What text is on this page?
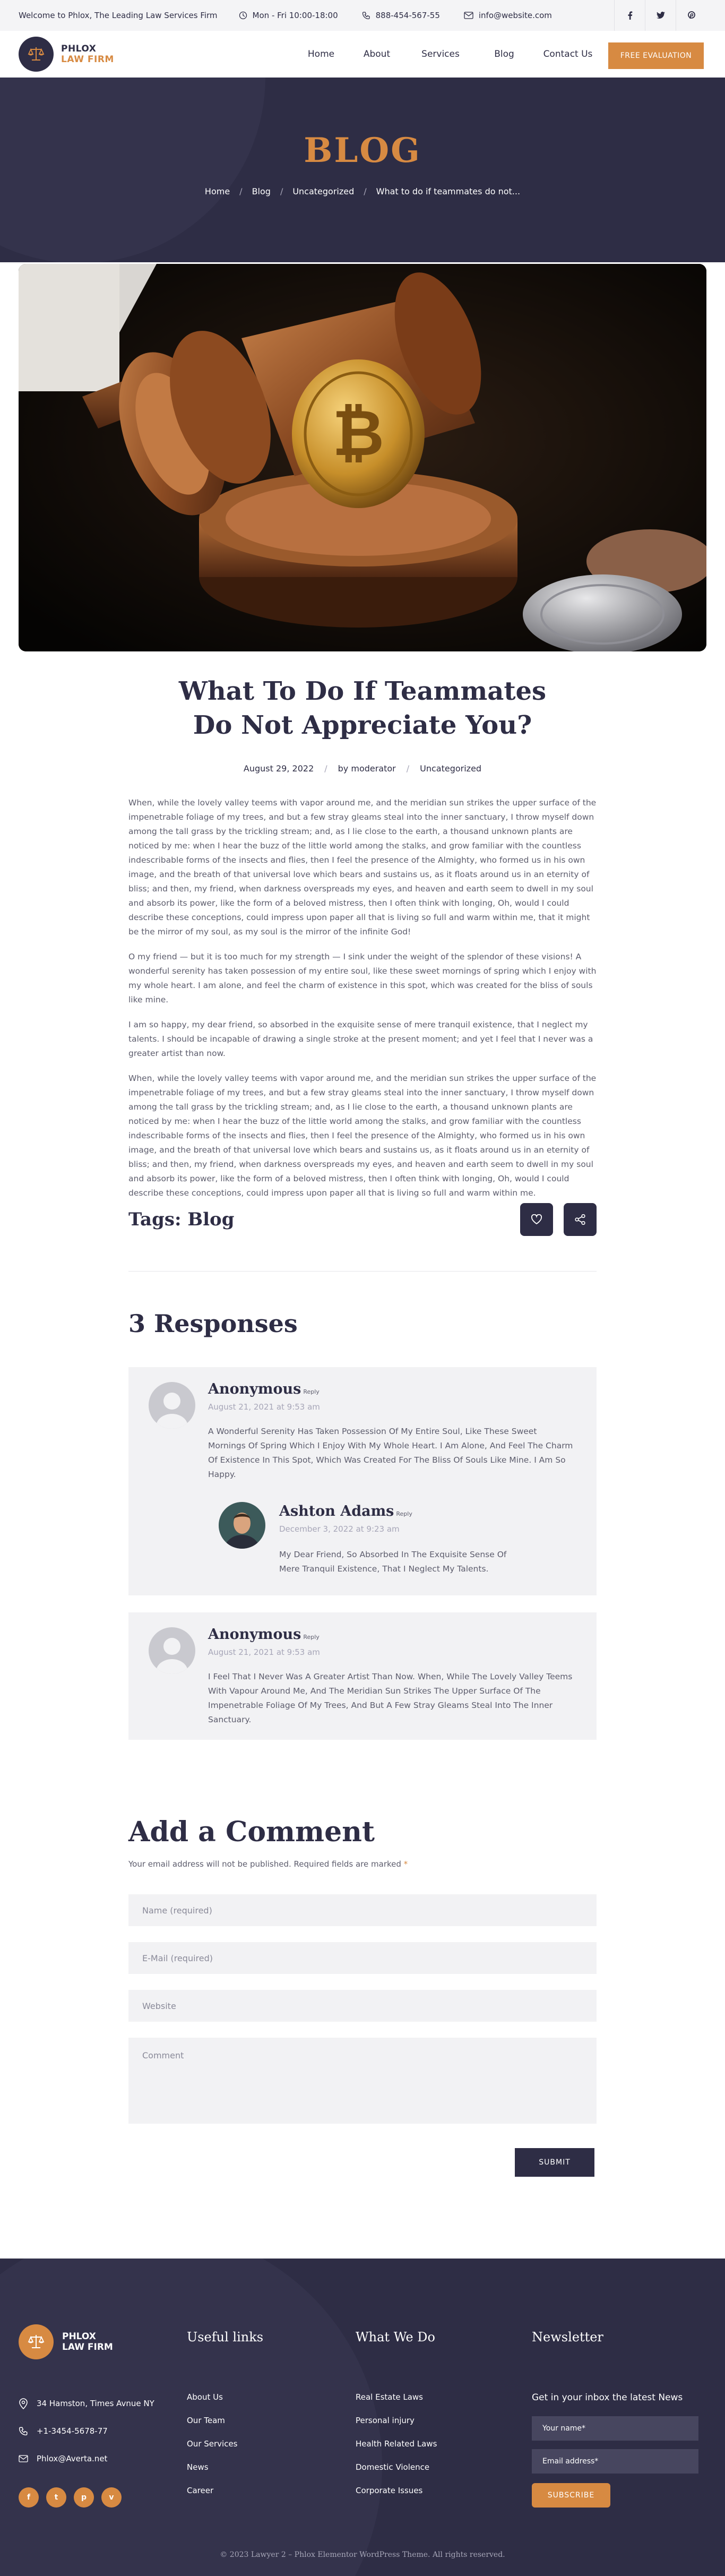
Welcome to Phlox, The Leading Law Services Firm	Mon - Fri 10:00-18:00	888-454-567-55	info@website.com
PHLOX
LAW FIRM	Home	About	Services	Blog	Contact Us	FREE EVALUATION
BLOG
Home / Blog / Uncategorized / What to do if teammates do not...
₿
What To Do If Teammates
Do Not Appreciate You?
August 29, 2022 / by moderator / Uncategorized

When, while the lovely valley teems with vapor around me, and the meridian sun strikes the upper surface of the impenetrable foliage of my trees, and but a few stray gleams steal into the inner sanctuary, I throw myself down among the tall grass by the trickling stream; and, as I lie close to the earth, a thousand unknown plants are noticed by me: when I hear the buzz of the little world among the stalks, and grow familiar with the countless indescribable forms of the insects and flies, then I feel the presence of the Almighty, who formed us in his own image, and the breath of that universal love which bears and sustains us, as it floats around us in an eternity of bliss; and then, my friend, when darkness overspreads my eyes, and heaven and earth seem to dwell in my soul and absorb its power, like the form of a beloved mistress, then I often think with longing, Oh, would I could describe these conceptions, could impress upon paper all that is living so full and warm within me, that it might be the mirror of my soul, as my soul is the mirror of the infinite God!

O my friend — but it is too much for my strength — I sink under the weight of the splendor of these visions! A wonderful serenity has taken possession of my entire soul, like these sweet mornings of spring which I enjoy with my whole heart. I am alone, and feel the charm of existence in this spot, which was created for the bliss of souls like mine.

I am so happy, my dear friend, so absorbed in the exquisite sense of mere tranquil existence, that I neglect my talents. I should be incapable of drawing a single stroke at the present moment; and yet I feel that I never was a greater artist than now.

When, while the lovely valley teems with vapor around me, and the meridian sun strikes the upper surface of the impenetrable foliage of my trees, and but a few stray gleams steal into the inner sanctuary, I throw myself down among the tall grass by the trickling stream; and, as I lie close to the earth, a thousand unknown plants are noticed by me: when I hear the buzz of the little world among the stalks, and grow familiar with the countless indescribable forms of the insects and flies, then I feel the presence of the Almighty, who formed us in his own image, and the breath of that universal love which bears and sustains us, as it floats around us in an eternity of bliss; and then, my friend, when darkness overspreads my eyes, and heaven and earth seem to dwell in my soul and absorb its power, like the form of a beloved mistress, then I often think with longing, Oh, would I could describe these conceptions, could impress upon paper all that is living so full and warm within me.

Tags: Blog
3 Responses
Anonymous Reply
August 21, 2021 at 9:53 am
A Wonderful Serenity Has Taken Possession Of My Entire Soul, Like These Sweet Mornings Of Spring Which I Enjoy With My Whole Heart. I Am Alone, And Feel The Charm Of Existence In This Spot, Which Was Created For The Bliss Of Souls Like Mine. I Am So Happy.
Ashton Adams Reply
December 3, 2022 at 9:23 am
My Dear Friend, So Absorbed In The Exquisite Sense Of Mere Tranquil Existence, That I Neglect My Talents.
Anonymous Reply
August 21, 2021 at 9:53 am
I Feel That I Never Was A Greater Artist Than Now. When, While The Lovely Valley Teems With Vapour Around Me, And The Meridian Sun Strikes The Upper Surface Of The Impenetrable Foliage Of My Trees, And But A Few Stray Gleams Steal Into The Inner Sanctuary.
Add a Comment
Your email address will not be published. Required fields are marked *
Name (required)
E-Mail (required)
Website
Comment
SUBMIT
PHLOX
LAW FIRM
34 Hamston, Times Avnue NY
+1-3454-5678-77
Phlox@Averta.net
f	t	p	v
Useful links
About Us
Our Team
Our Services
News
Career
What We Do
Real Estate Laws
Personal injury
Health Related Laws
Domestic Violence
Corporate Issues
Newsletter
Get in your inbox the latest News
Your name*
Email address*
SUBSCRIBE
© 2023 Lawyer 2 – Phlox Elementor WordPress Theme. All rights reserved.
